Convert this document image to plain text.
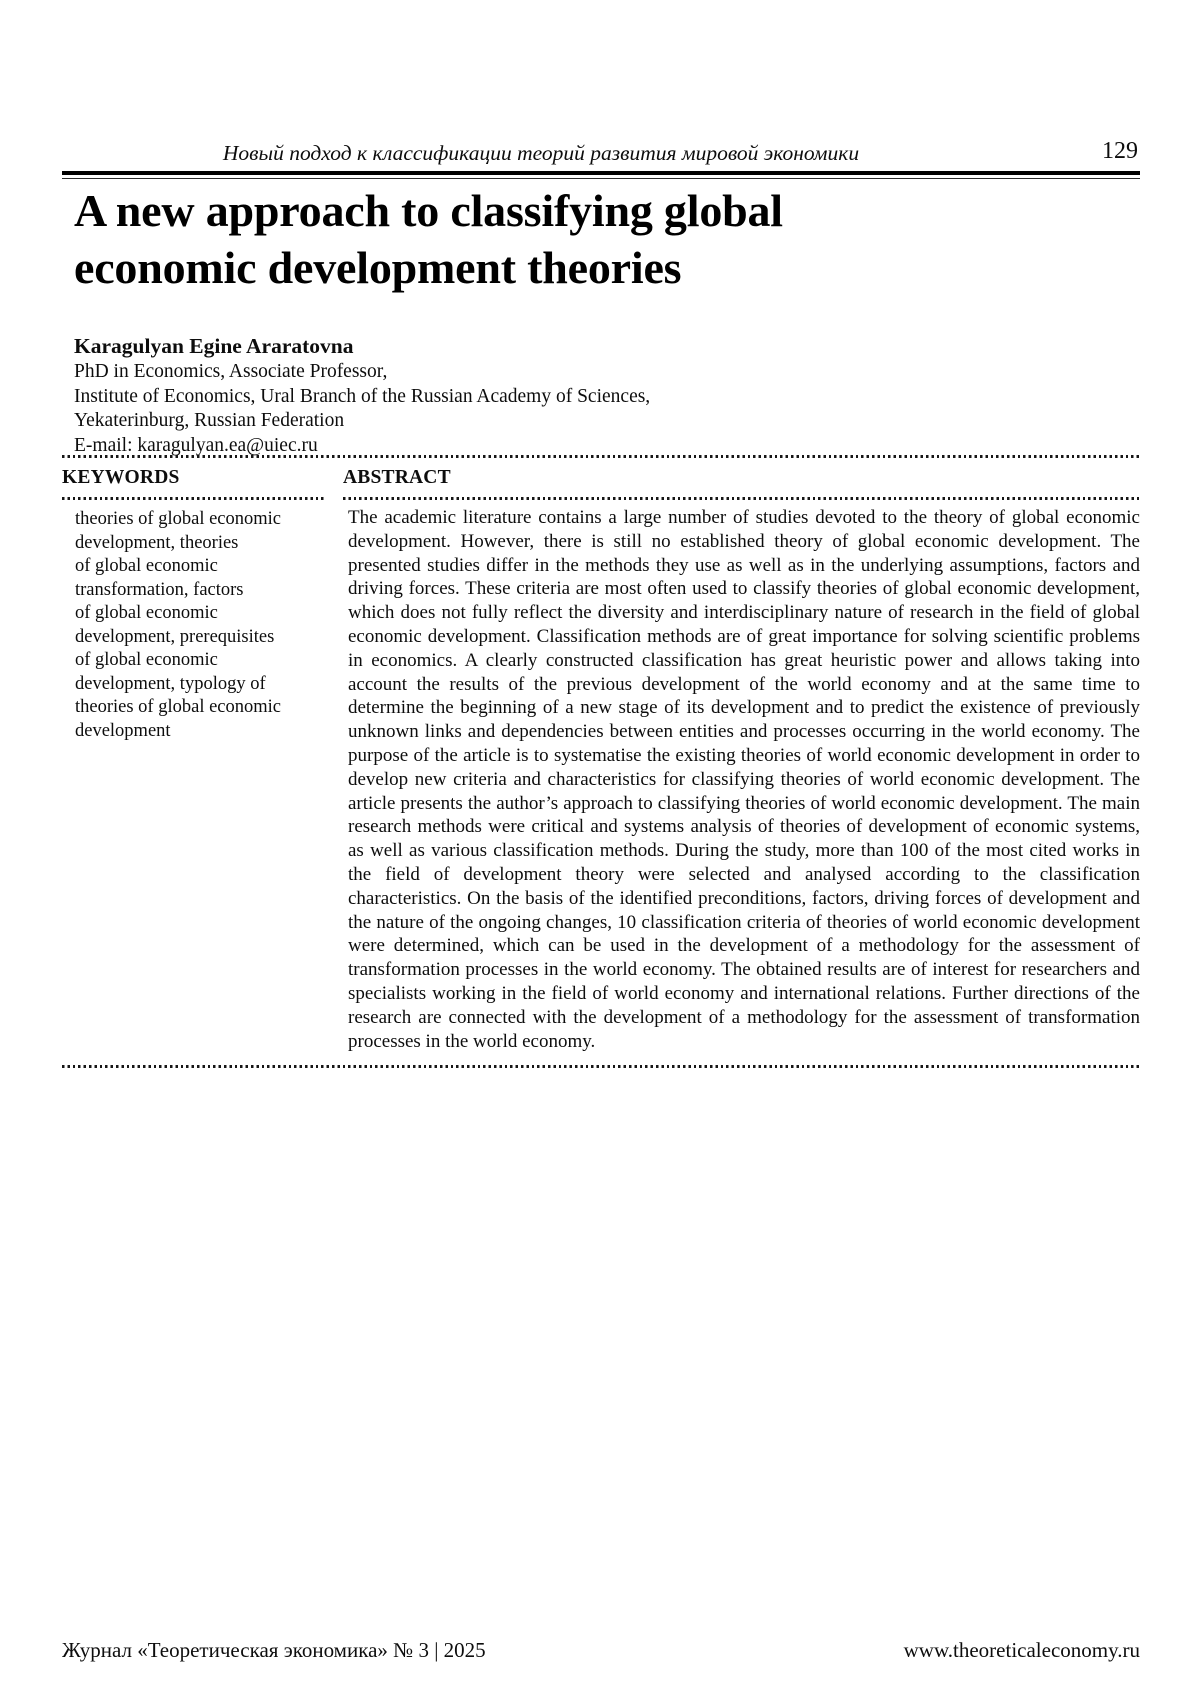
Новый подход к классификации теорий развития мировой экономики	129
A new approach to classifying global
economic development theories
Karagulyan Egine Araratovna
PhD in Economics, Associate Professor,
Institute of Economics, Ural Branch of the Russian Academy of Sciences,
Yekaterinburg, Russian Federation
E-mail: karagulyan.ea@uiec.ru
KEYWORDS
theories of global economic
development, theories
of global economic
transformation, factors
of global economic
development, prerequisites
of global economic
development, typology of
theories of global economic
development
ABSTRACT
The academic literature contains a large number of studies devoted to the theory of global economic development. However, there is still no established theory of global economic development. The presented studies differ in the methods they use as well as in the underlying assumptions, factors and driving forces. These criteria are most often used to classify theories of global economic development, which does not fully reflect the diversity and interdisciplinary nature of research in the field of global economic development. Classification methods are of great importance for solving scientific problems in economics. A clearly constructed classification has great heuristic power and allows taking into account the results of the previous development of the world economy and at the same time to determine the beginning of a new stage of its development and to predict the existence of previously unknown links and dependencies between entities and processes occurring in the world economy. The purpose of the article is to systematise the existing theories of world economic development in order to develop new criteria and characteristics for classifying theories of world economic development. The article presents the author’s approach to classifying theories of world economic development. The main research methods were critical and systems analysis of theories of development of economic systems, as well as various classification methods. During the study, more than 100 of the most cited works in the field of development theory were selected and analysed according to the classification characteristics. On the basis of the identified preconditions, factors, driving forces of development and the nature of the ongoing changes, 10 classification criteria of theories of world economic development were determined, which can be used in the development of a methodology for the assessment of transformation processes in the world economy. The obtained results are of interest for researchers and specialists working in the field of world economy and international relations. Further directions of the research are connected with the development of a methodology for the assessment of transformation processes in the world economy.
Журнал «Теоретическая экономика» № 3 | 2025	www.theoreticaleconomy.ru
